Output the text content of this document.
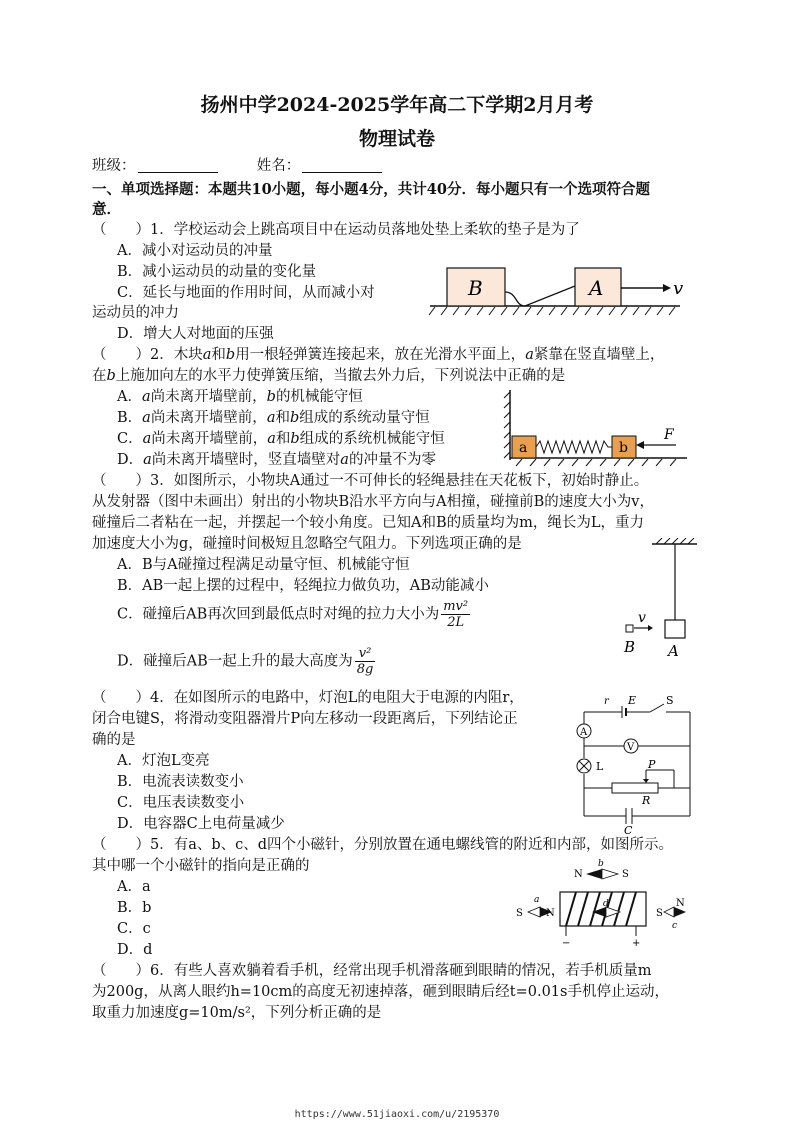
扬州中学2024-2025学年高二下学期2月月考
物理试卷
班级：	姓名：
一、单项选择题：本题共10小题，每小题4分，共计40分．每小题只有一个选项符合题
意．
（　　）1．学校运动会上跳高项目中在运动员落地处垫上柔软的垫子是为了
A．减小对运动员的冲量
B．减小运动员的动量的变化量
C．延长与地面的作用时间，从而减小对
运动员的冲力
D．增大人对地面的压强
B	A	v
（　　）2．木块a和b用一根轻弹簧连接起来，放在光滑水平面上，a紧靠在竖直墙壁上，
在b上施加向左的水平力使弹簧压缩，当撤去外力后，下列说法中正确的是
A．a尚未离开墙壁前，b的机械能守恒
B．a尚未离开墙壁前，a和b组成的系统动量守恒
C．a尚未离开墙壁前，a和b组成的系统机械能守恒
D．a尚未离开墙壁时，竖直墙壁对a的冲量不为零
a	b
F
（　　）3．如图所示，小物块A通过一不可伸长的轻绳悬挂在天花板下，初始时静止。
从发射器（图中未画出）射出的小物块B沿水平方向与A相撞，碰撞前B的速度大小为v，
碰撞后二者粘在一起，并摆起一个较小角度。已知A和B的质量均为m，绳长为L，重力
加速度大小为g，碰撞时间极短且忽略空气阻力。下列选项正确的是
A．B与A碰撞过程满足动量守恒、机械能守恒
B．AB一起上摆的过程中，轻绳拉力做负功，AB动能减小
C．碰撞后AB再次回到最低点时对绳的拉力大小为 $\frac{\text{mv²}}{2L}$
D．碰撞后AB一起上升的最大高度为 $\frac{\text{v²}}{8g}$
v
B A
（　　）4．在如图所示的电路中，灯泡L的电阻大于电源的内阻r，
闭合电键S，将滑动变阻器滑片P向左移动一段距离后，下列结论正
确的是
A．灯泡L变亮
B．电流表读数变小
C．电压表读数变小
D．电容器C上电荷量减少
A
V
L
r E	S
P
R
C
（　　）5．有a、b、c、d四个小磁针，分别放置在通电螺线管的附近和内部，如图所示。
其中哪一个小磁针的指向是正确的
A．a
B．b
C．c
D．d
b
N	S
d
a
S N	S
c
N
−	+
（　　）6．有些人喜欢躺着看手机，经常出现手机滑落砸到眼睛的情况，若手机质量m
为200g，从离人眼约h=10cm的高度无初速掉落，砸到眼睛后经t=0.01s手机停止运动，
取重力加速度g=10m/s²，下列分析正确的是
https://www.51jiaoxi.com/u/2195370
